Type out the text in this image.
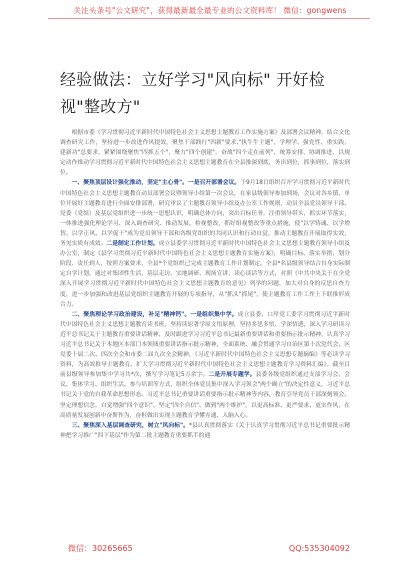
关注头条号"公文研究"，获得最新最全最专业的公文资料库！ 微信：gongwens
经验做法：立好学习"风向标" 开好检视"整改方"

根据市委《学习贯彻习近平新时代中国特色社会主义思想主题教育工作实施方案》及部署会议精神，结合文化调查研究工作，坚持进一步改进作风提效，聚焦干部践行"四新"要求,"执牛牛主题"，学理学、强党性、重实践，建新功"总要求，紧紧围绕聚焦"四抓五个"，聚力"四个创建"，奋战"四个走在前列"，统筹安排、协调推进，以规定动作推动学习贯彻习近平新时代中国特色社会主义思想主题教育在全县推深到底，务出到位，抓事到位，落实到位。

一、聚焦顶层设计强化推动，坚定"主心骨"。一是召开部署会议。于9月18日组织召开学习贯彻习近平新时代中国特色社会主义思想主题教育动员部署会议暨领导小组第一次会议，在家县级领导参加到场，会议对各乡镇、单位开展好主题教育进行全面安排部署，研究审议了主题教育领导小组及办公室工作规则，动员全县党员领导干部、党委（党组）及基层党组织进一步统一思想认识，明确总体方向，突出目标任务，注重领导带头，抓实环节落实，一体推进强化理论学习、深入调查研究、推动发展、检视整改，抓好组视整改等重点措施，使"以学铸魂、以学增智、以学正风、以学促干"成为党员领导干部和各级党组织的共同认识和行动自觉，推动主题教育开展取得实效，务见实质有成效。二是制定工作计划。成立县委学习贯彻习近平新时代中国特色社会主义思想主题教育领导小组及办公室，制定《县学习贯彻习近平新时代中国特色社会主义思想主题教育实施方案》，明确目标、落实举措，划分阶段、责任到人，按照方案要求，全县*个党组织已完成主题教育工作计划制定。全县*名县级领导结合自身实际制定自学计划，通过对集团性生活、基层走访、实地调研、现场宣讲、读心谈话等方式，对照《中共中央关于在全党深入开展学习贯彻习近平新时代中国特色社会主义思想主题教育的意见》列举的问题，加大对自身的反思自查力度，进一步加强和改进基层党组织主题教育开展的专项指导，从"抓头"抓尾"，使主题教育工作工作上下联推形成合力。

二、聚焦理论学习政治建设，补足"精神钙"。一是组织集中学。成立县委、口岸党工委学习贯彻习近平新时代中国特色社会主义思想主题教育读书班，坚持读原著学原文悟原理，坚持多思多悟、学深悟透，深入学习研读习近平总书记关于主题教育重要讲话精神，及时跟进学习习近平总书记最新重要讲话和重要指示批示精神，认真学习习近平总书记关于本地区本部门本领域重要讲话指示批示精神，全面系统、融会贯通学习自治区第十次党代会、区党委十届二次、四次全会和市委二届九次全会精神，《习近平新时代中国特色社会主义思想专题摘编》等必读学习资料，为高效推导主题教育、扩大学习贯彻习近平新时代中国特色社会主义思想主题教育学习资料汇编》。截至目前县级领导参加集中学习共*次，撰写学习笔记5万余字。二是开展专题学。县委各级党组织通过支部学习会、会议、集体学习、组织生活、参与培训等方式，组织全体党员集中深入学习领会"两个确立"的决定性意义，习近平总书记关于党的自我革命思想形态。习近平总书记重要讲话重要指示批示精神等内容，教育引导党员干部深刻领会。坚定理想信念，自觉增强"四个意识"、坚定"四个自信"、做到"两个维护"，以更高标准、更严要求、更实作风，在高质量发展创新中奋斯作为，奋担做出实现主题教育学懂弄通、入脑入心。

三、聚焦深入基层调查研究，树立"风向标"。*县认真贯彻落实《关于认真学习贯彻习近平总书记重要批示精神把学习推广"四下基层"作为第二批主题教育重要抓手的通

微信：30265665	QQ:535304092
